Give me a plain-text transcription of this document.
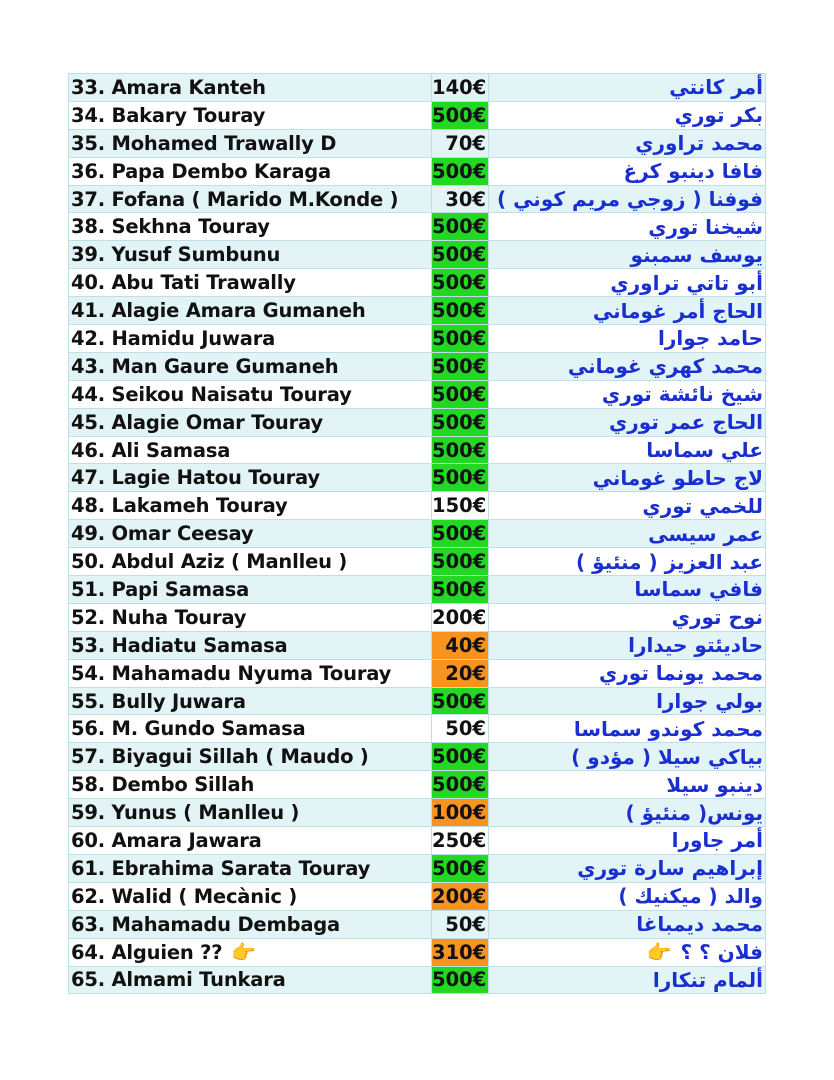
33. Amara Kanteh	140€	أمر كانتي
34. Bakary Touray	500€	بكر توري
35. Mohamed Trawally D	70€	محمد تراوري
36. Papa Dembo Karaga	500€	فافا دينبو كرغ
37. Fofana ( Marido M.Konde )	30€	فوفنا ( زوجي مريم كوني )
38. Sekhna Touray	500€	شيخنا توري
39. Yusuf Sumbunu	500€	يوسف سمبنو
40. Abu Tati Trawally	500€	أبو تاتي تراوري
41. Alagie Amara Gumaneh	500€	الحاج أمر غوماني
42. Hamidu Juwara	500€	حامد جوارا
43. Man Gaure Gumaneh	500€	محمد كهري غوماني
44. Seikou Naisatu Touray	500€	شيخ نائشة توري
45. Alagie Omar Touray	500€	الحاج عمر توري
46. Ali Samasa	500€	علي سماسا
47. Lagie Hatou Touray	500€	لاج حاطو غوماني
48. Lakameh Touray	150€	للخمي توري
49. Omar Ceesay	500€	عمر سيسى
50. Abdul Aziz ( Manlleu )	500€	عبد العزيز ( منئيؤ )
51. Papi Samasa	500€	فافي سماسا
52. Nuha Touray	200€	نوح توري
53. Hadiatu Samasa	40€	حاديئتو حيدارا
54. Mahamadu Nyuma Touray	20€	محمد يونما توري
55. Bully Juwara	500€	بولي جوارا
56. M. Gundo Samasa	50€	محمد كوندو سماسا
57. Biyagui Sillah ( Maudo )	500€	بياكي سيلا ( مؤدو )
58. Dembo Sillah	500€	دينبو سيلا
59. Yunus ( Manlleu )	100€	يونس( منئيؤ )
60. Amara Jawara	250€	أمر جاورا
61. Ebrahima Sarata Touray	500€	إبراهيم سارة توري
62. Walid ( Mecànic )	200€	والد ( ميكنيك )
63. Mahamadu Dembaga	50€	محمد ديمباغا
64. Alguien ?? 👉	310€	فلان ؟ ؟ 👉
65. Almami Tunkara	500€	ألمام تنكارا
